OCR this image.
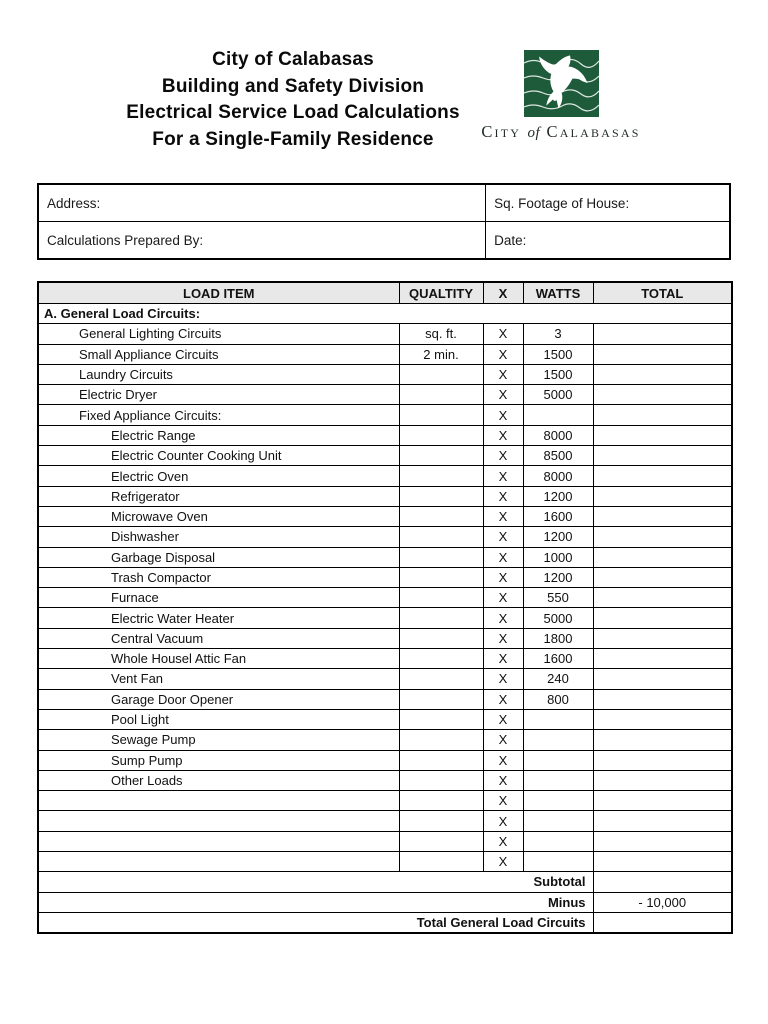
City of Calabasas
Building and Safety Division
Electrical Service Load Calculations
For a Single-Family Residence	City of Calabasas
Address:	Sq. Footage of House:
Calculations Prepared By:	Date:
LOAD ITEM	QUALTITY	X	WATTS	TOTAL
A. General Load Circuits:				
General Lighting Circuits	sq. ft.	X	3	
Small Appliance Circuits	2 min.	X	1500	
Laundry Circuits		X	1500	
Electric Dryer		X	5000	
Fixed Appliance Circuits:		X		
Electric Range		X	8000	
Electric Counter Cooking Unit		X	8500	
Electric Oven		X	8000	
Refrigerator		X	1200	
Microwave Oven		X	1600	
Dishwasher		X	1200	
Garbage Disposal		X	1000	
Trash Compactor		X	1200	
Furnace		X	550	
Electric Water Heater		X	5000	
Central Vacuum		X	1800	
Whole Housel Attic Fan		X	1600	
Vent Fan		X	240	
Garage Door Opener		X	800	
Pool Light		X		
Sewage Pump		X		
Sump Pump		X		
Other Loads		X		
		X		
		X		
		X		
		X		
Subtotal				
Minus				- 10,000
Total General Load Circuits				
